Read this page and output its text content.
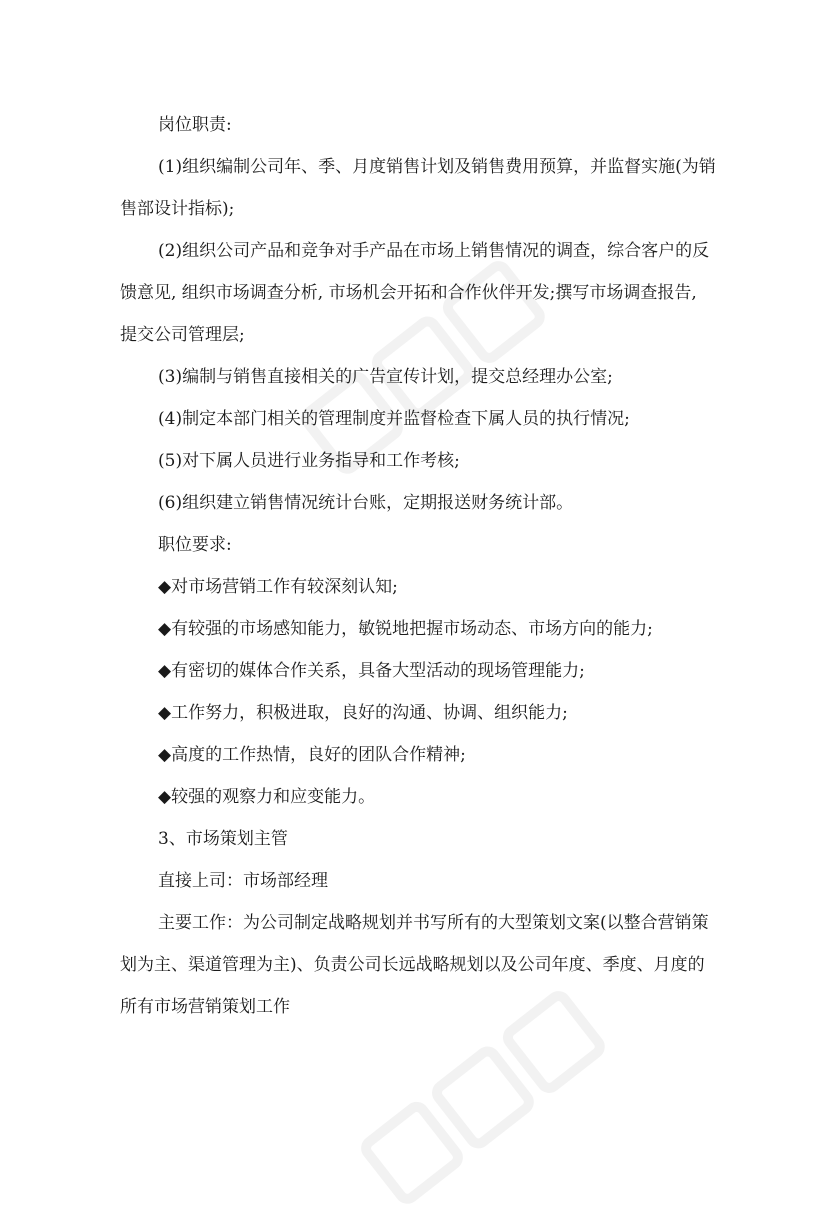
岗位职责:

(1)组织编制公司年、季、月度销售计划及销售费用预算，并监督实施(为销

售部设计指标);

(2)组织公司产品和竞争对手产品在市场上销售情况的调查，综合客户的反

馈意见, 组织市场调查分析, 市场机会开拓和合作伙伴开发;撰写市场调查报告,

提交公司管理层;

(3)编制与销售直接相关的广告宣传计划，提交总经理办公室;

(4)制定本部门相关的管理制度并监督检查下属人员的执行情况;

(5)对下属人员进行业务指导和工作考核;

(6)组织建立销售情况统计台账，定期报送财务统计部。

职位要求:

◆对市场营销工作有较深刻认知;

◆有较强的市场感知能力，敏锐地把握市场动态、市场方向的能力;

◆有密切的媒体合作关系，具备大型活动的现场管理能力;

◆工作努力，积极进取，良好的沟通、协调、组织能力;

◆高度的工作热情，良好的团队合作精神;

◆较强的观察力和应变能力。

3、市场策划主管

直接上司：市场部经理

主要工作：为公司制定战略规划并书写所有的大型策划文案(以整合营销策

划为主、渠道管理为主)、负责公司长远战略规划以及公司年度、季度、月度的

所有市场营销策划工作
